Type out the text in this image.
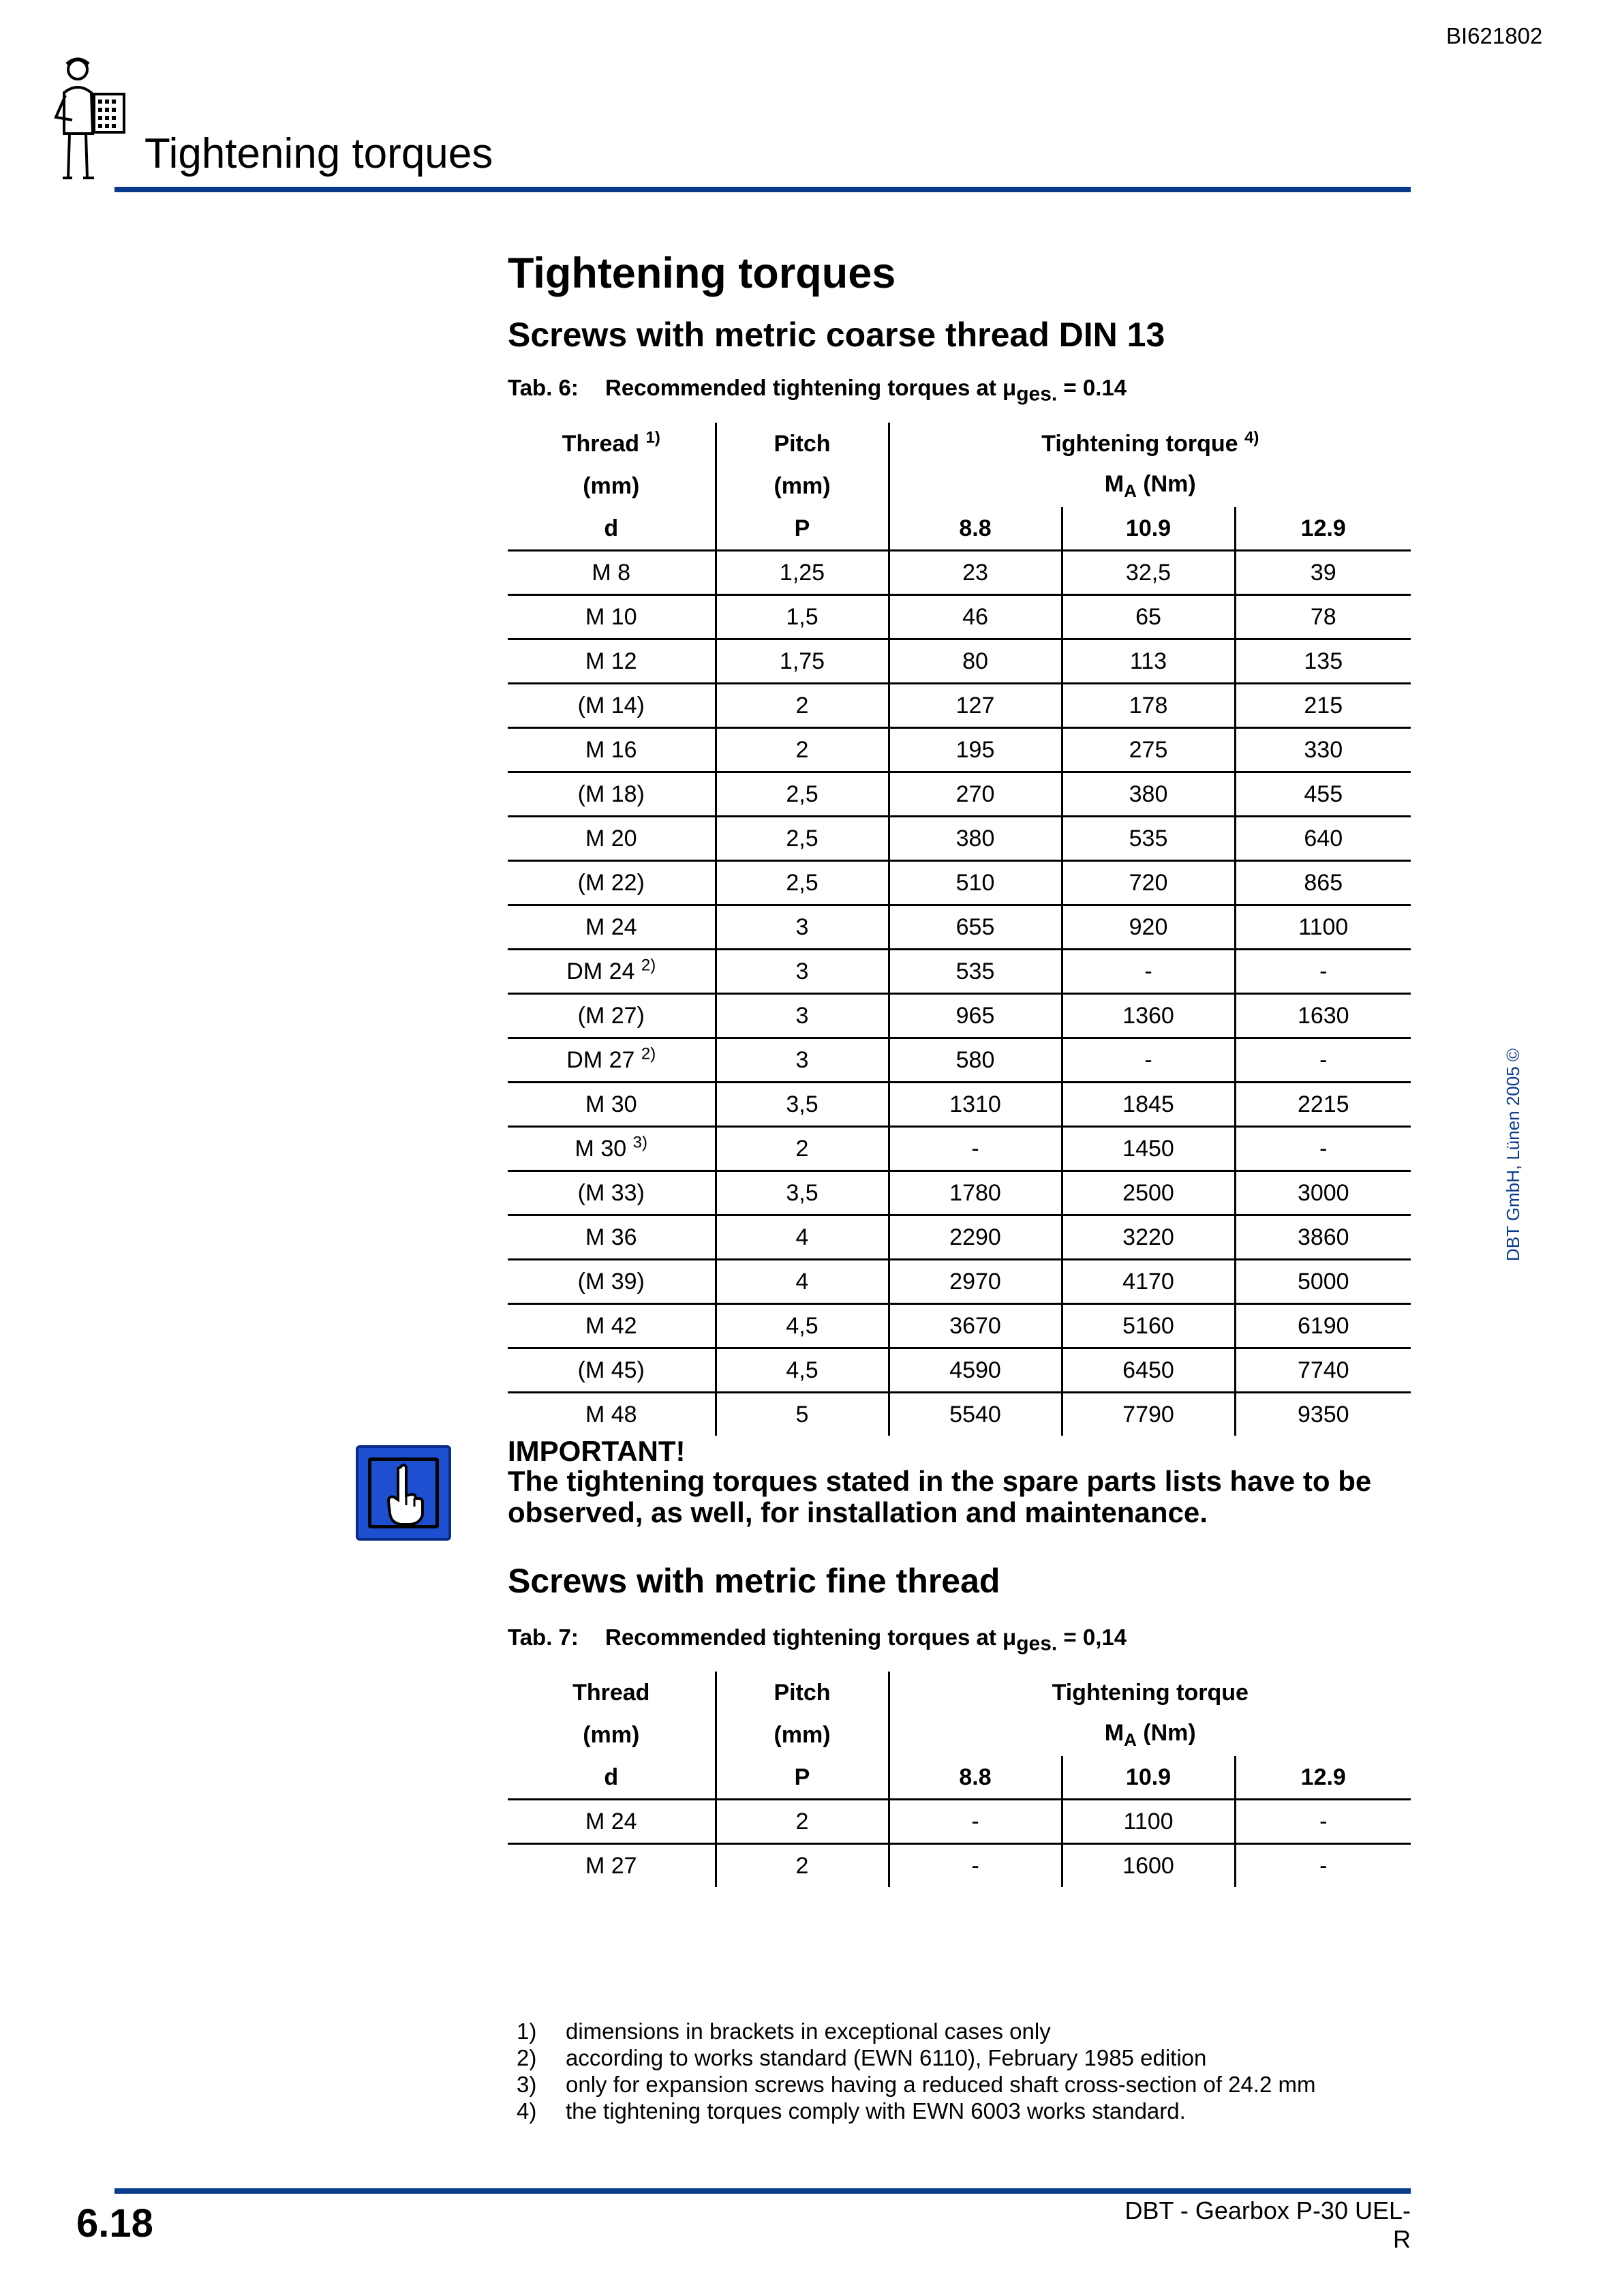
BI621802
Tightening torques
Tightening torques
Screws with metric coarse thread DIN 13
Tab. 6: Recommended tightening torques at $\mu_{ges.} = 0.14$
Thread $^{1)}$	Pitch	Tightening torque $^{4)}$
(mm)	(mm)	$M_A$ (Nm)		
d	P	8.8	10.9	12.9
M 8	1,25	23	32,5	39
M 10	1,5	46	65	78
M 12	1,75	80	113	135
(M 14)	2	127	178	215
M 16	2	195	275	330
(M 18)	2,5	270	380	455
M 20	2,5	380	535	640
(M 22)	2,5	510	720	865
M 24	3	655	920	1100
DM 24 $^{2)}$	3	535	-	-
(M 27)	3	965	1360	1630
DM 27 $^{2)}$	3	580	-	-
M 30	3,5	1310	1845	2215
M 30 $^{3)}$	2	-	1450	-
(M 33)	3,5	1780	2500	3000
M 36	4	2290	3220	3860
(M 39)	4	2970	4170	5000
M 42	4,5	3670	5160	6190
(M 45)	4,5	4590	6450	7740
M 48	5	5540	7790	9350
IMPORTANT!
The tightening torques stated in the spare parts lists have to be observed, as well, for installation and maintenance.
Screws with metric fine thread
Tab. 7: Recommended tightening torques at $\mu_{ges.} = 0,14$
Thread	Pitch	Tightening torque		
(mm)	(mm)	$M_A$ (Nm)		
d	P	8.8	10.9	12.9
M 24	2	-	1100	-
M 27	2	-	1600	-
1)	dimensions in brackets in exceptional cases only
2)	according to works standard (EWN 6110), February 1985 edition
3)	only for expansion screws having a reduced shaft cross-section of 24.2 mm
4)	the tightening torques comply with EWN 6003 works standard.
DBT GmbH, Lünen 2005 ©
6.18	DBT - Gearbox P-30 UEL-R
